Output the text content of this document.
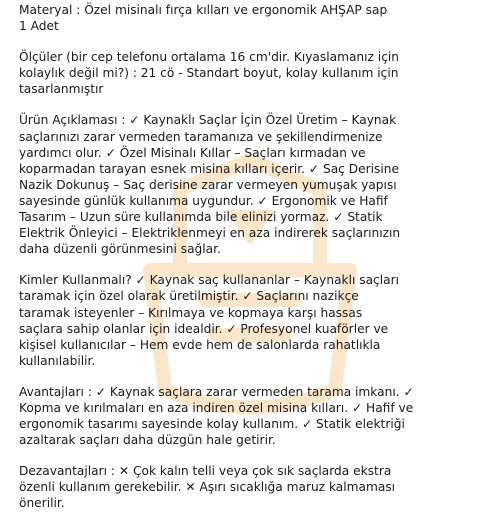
Materyal : Özel misinalı fırça kılları ve ergonomik AHŞAP sap
1 Adet
Ölçüler (bir cep telefonu ortalama 16 cm'dir. Kıyaslamanız için
kolaylık değil mi?) : 21 cö - Standart boyut, kolay kullanım için
tasarlanmıştır
Ürün Açıklaması : ✓ Kaynaklı Saçlar İçin Özel Üretim – Kaynak
saçlarınızı zarar vermeden taramanıza ve şekillendirmenize
yardımcı olur. ✓ Özel Misinalı Kıllar – Saçları kırmadan ve
koparmadan tarayan esnek misina kılları içerir. ✓ Saç Derisine
Nazik Dokunuş – Saç derisine zarar vermeyen yumuşak yapısı
sayesinde günlük kullanıma uygundur. ✓ Ergonomik ve Hafif
Tasarım – Uzun süre kullanımda bile elinizi yormaz. ✓ Statik
Elektrik Önleyici – Elektriklenmeyi en aza indirerek saçlarınızın
daha düzenli görünmesini sağlar.
Kimler Kullanmalı? ✓ Kaynak saç kullananlar – Kaynaklı saçları
taramak için özel olarak üretilmiştir. ✓ Saçlarını nazikçe
taramak isteyenler – Kırılmaya ve kopmaya karşı hassas
saçlara sahip olanlar için idealdir. ✓ Profesyonel kuaförler ve
kişisel kullanıcılar – Hem evde hem de salonlarda rahatlıkla
kullanılabilir.
Avantajları : ✓ Kaynak saçlara zarar vermeden tarama imkanı. ✓
Kopma ve kırılmaları en aza indiren özel misina kılları. ✓ Hafif ve
ergonomik tasarımı sayesinde kolay kullanım. ✓ Statik elektriği
azaltarak saçları daha düzgün hale getirir.
Dezavantajları : ✕ Çok kalın telli veya çok sık saçlarda ekstra
özenli kullanım gerekebilir. ✕ Aşırı sıcaklığa maruz kalmaması
önerilir.
